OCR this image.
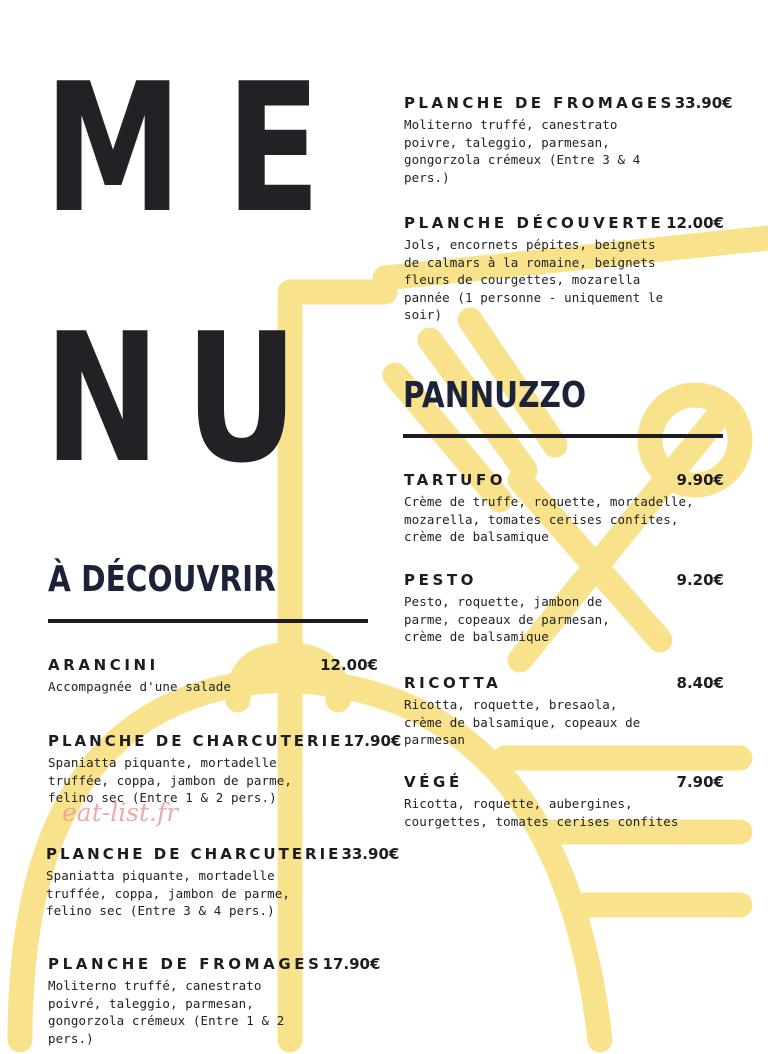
ME
NU
À DÉCOUVRIR
ARANCINI	12.00€
Accompagnée d'une salade
PLANCHE DE CHARCUTERIE 17.90€
Spaniatta piquante, mortadelle truffée, coppa, jambon de parme, felino sec (Entre 1 & 2 pers.)
PLANCHE DE CHARCUTERIE 33.90€
Spaniatta piquante, mortadelle truffée, coppa, jambon de parme, felino sec (Entre 3 & 4 pers.)
PLANCHE DE FROMAGES 17.90€
Moliterno truffé, canestrato poivré, taleggio, parmesan, gongorzola crémeux (Entre 1 & 2 pers.)
PLANCHE DE FROMAGES 33.90€
Moliterno truffé, canestrato poivre, taleggio, parmesan, gongorzola crémeux (Entre 3 & 4 pers.)
PLANCHE DÉCOUVERTE 12.00€
Jols, encornets pépites, beignets de calmars à la romaine, beignets fleurs de courgettes, mozarella pannée (1 personne - uniquement le soir)
PANNUZZO
TARTUFO	9.90€
Crème de truffe, roquette, mortadelle, mozarella, tomates cerises confites, crème de balsamique
PESTO	9.20€
Pesto, roquette, jambon de parme, copeaux de parmesan, crème de balsamique
RICOTTA	8.40€
Ricotta, roquette, bresaola, crème de balsamique, copeaux de parmesan
VÉGÉ	7.90€
Ricotta, roquette, aubergines, courgettes, tomates cerises confites
eat-list.fr
